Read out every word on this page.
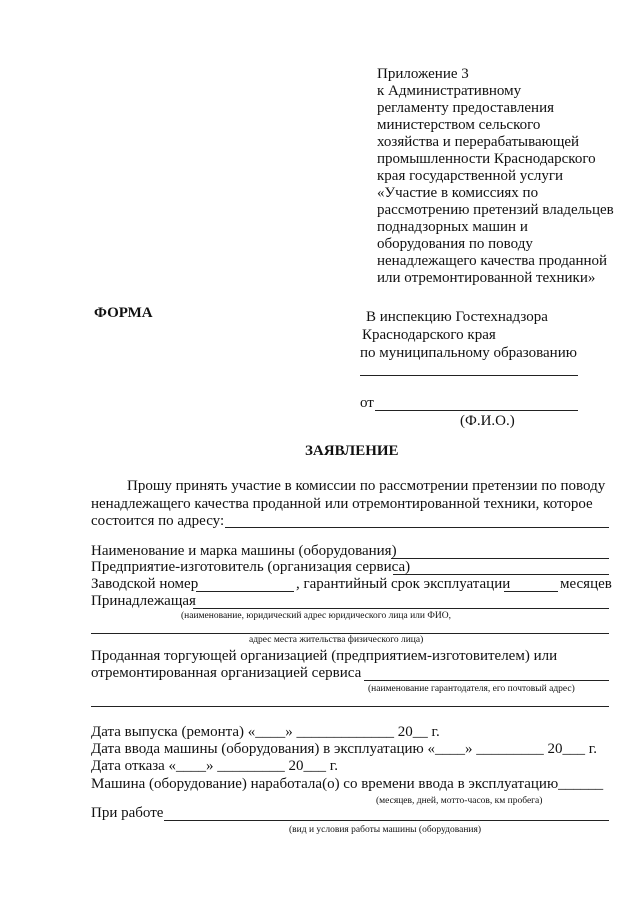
Приложение 3
к Административному
регламенту предоставления
министерством сельского
хозяйства и перерабатывающей
промышленности Краснодарского
края государственной услуги
«Участие в комиссиях по
рассмотрению претензий владельцев
поднадзорных машин и
оборудования по поводу
ненадлежащего качества проданной
или отремонтированной техники»
ФОРМА	В инспекцию Гостехнадзора
Краснодарского края
по муниципальному образованию
от
(Ф.И.О.)
ЗАЯВЛЕНИЕ
Прошу принять участие в комиссии по рассмотрении претензии по поводу
ненадлежащего качества проданной или отремонтированной техники, которое
состоится по адресу:
Наименование и марка машины (оборудования)
Предприятие-изготовитель (организация сервиса)
Заводской номер	, гарантийный срок эксплуатации	месяцев
Принадлежащая
(наименование, юридический адрес юридического лица или ФИО,
адрес места жительства физического лица)
Проданная торгующей организацией (предприятием-изготовителем) или
отремонтированная организацией сервиса
(наименование гарантодателя, его почтовый адрес)
Дата выпуска (ремонта) «____» _____________ 20__ г.
Дата ввода машины (оборудования) в эксплуатацию «____» _________ 20___ г.
Дата отказа «____» _________ 20___ г.
Машина (оборудование) наработала(о) со времени ввода в эксплуатацию______
(месяцев, дней, мотто-часов, км пробега)
При работе
(вид и условия работы машины (оборудования)
